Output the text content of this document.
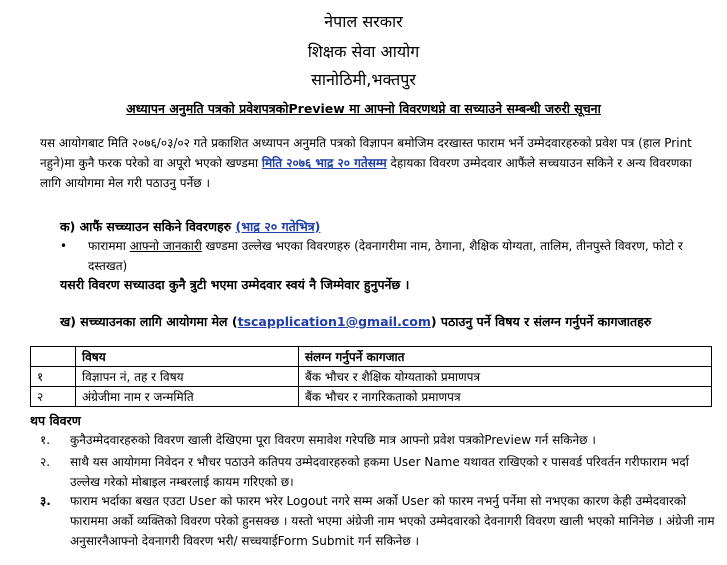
नेपाल सरकार
शिक्षक सेवा आयोग
सानोठिमी,भक्तपुर
अध्यापन अनुमति पत्रको प्रवेशपत्रकोPreview मा आफ्नो विवरणथप्ने वा सच्याउने सम्बन्धी जरुरी सूचना
यस आयोगबाट मिति २०७६/०३/०२ गते प्रकाशित अध्यापन अनुमति पत्रको विज्ञापन बमोजिम दरखास्त फाराम भर्ने उम्मेदवारहरुको प्रवेश पत्र (हाल Print नहुने)मा कुनै फरक परेको वा अपूरो भएको खण्डमा मिति २०७६ भाद्र २० गतेसम्म देहायका विवरण उम्मेदवार आफैंले सच्चयाउन सकिने र अन्य विवरणका लागि आयोगमा मेल गरी पठाउनु पर्नेछ ।
क) आफैं सच्च्याउन सकिने विवरणहरु (भाद्र २० गतेभित्र)
• फाराममा आफ्नो जानकारी खण्डमा उल्लेख भएका विवरणहरु (देवनागरीमा नाम, ठेगाना, शैक्षिक योग्यता, तालिम, तीनपुस्ते विवरण, फोटो र दस्तखत)
यसरी विवरण सच्याउदा कुनै त्रुटी भएमा उम्मेदवार स्वयं नै जिम्मेवार हुनुपर्नेछ ।
ख) सच्च्याउनका लागि आयोगमा मेल (tscapplication1@gmail.com) पठाउनु पर्ने विषय र संलग्न गर्नुपर्ने कागजातहरु
	विषय	संलग्न गर्नुपर्ने कागजात
१	विज्ञापन नं, तह र विषय	बैंक भौचर र शैक्षिक योग्यताको प्रमाणपत्र
२	अंग्रेजीमा नाम र जन्ममिति	बैंक भौचर र नागरिकताको प्रमाणपत्र
थप विवरण
१. कुनैउम्मेदवारहरुको विवरण खाली देखिएमा पूरा विवरण समावेश गरेपछि मात्र आफ्नो प्रवेश पत्रकोPreview गर्न सकिनेछ ।
२. साथै यस आयोगमा निवेदन र भौचर पठाउने कतिपय उम्मेदवारहरुको हकमा User Name यथावत राखिएको र पासवर्ड परिवर्तन गरीफाराम भर्दा उल्लेख गरेको मोबाइल नम्बरलाई कायम गरिएको छ।
३. फाराम भर्दाका बखत एउटा User को फारम भरेर Logout नगरे सम्म अर्को User को फारम नभर्नु पर्नेमा सो नभएका कारण केही उम्मेदवारको फाराममा अर्को व्यक्तिको विवरण परेको हुनसक्छ । यस्तो भएमा अंग्रेजी नाम भएको उम्मेदवारको देवनागरी विवरण खाली भएको मानिनेछ । अंग्रेजी नाम अनुसारनैआफ्नो देवनागरी विवरण भरी/ सच्चयाईForm Submit गर्न सकिनेछ ।
